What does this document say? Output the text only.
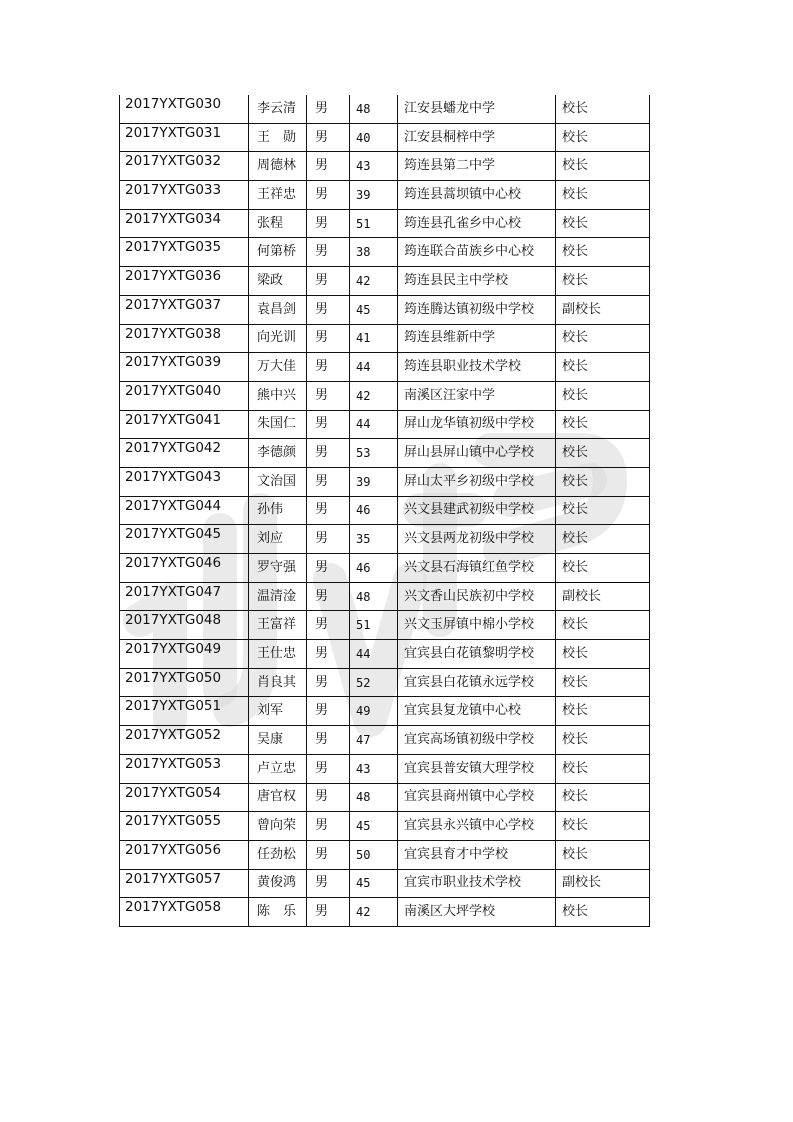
2017YXTG030	李云清	男	48	江安县蟠龙中学	校长
2017YXTG031	王　勋	男	40	江安县桐梓中学	校长
2017YXTG032	周德林	男	43	筠连县第二中学	校长
2017YXTG033	王祥忠	男	39	筠连县蒿坝镇中心校	校长
2017YXTG034	张程	男	51	筠连县孔雀乡中心校	校长
2017YXTG035	何第桥	男	38	筠连联合苗族乡中心校	校长
2017YXTG036	梁政	男	42	筠连县民主中学校	校长
2017YXTG037	袁昌剑	男	45	筠连腾达镇初级中学校	副校长
2017YXTG038	向光训	男	41	筠连县维新中学	校长
2017YXTG039	万大佳	男	44	筠连县职业技术学校	校长
2017YXTG040	熊中兴	男	42	南溪区汪家中学	校长
2017YXTG041	朱国仁	男	44	屏山龙华镇初级中学校	校长
2017YXTG042	李德颜	男	53	屏山县屏山镇中心学校	校长
2017YXTG043	文治国	男	39	屏山太平乡初级中学校	校长
2017YXTG044	孙伟	男	46	兴文县建武初级中学校	校长
2017YXTG045	刘应	男	35	兴文县两龙初级中学校	校长
2017YXTG046	罗守强	男	46	兴文县石海镇红鱼学校	校长
2017YXTG047	温清淦	男	48	兴文香山民族初中学校	副校长
2017YXTG048	王富祥	男	51	兴文玉屏镇中棉小学校	校长
2017YXTG049	王仕忠	男	44	宜宾县白花镇黎明学校	校长
2017YXTG050	肖良其	男	52	宜宾县白花镇永远学校	校长
2017YXTG051	刘军	男	49	宜宾县复龙镇中心校	校长
2017YXTG052	吴康	男	47	宜宾高场镇初级中学校	校长
2017YXTG053	卢立忠	男	43	宜宾县普安镇大理学校	校长
2017YXTG054	唐官权	男	48	宜宾县商州镇中心学校	校长
2017YXTG055	曾向荣	男	45	宜宾县永兴镇中心学校	校长
2017YXTG056	任劲松	男	50	宜宾县育才中学校	校长
2017YXTG057	黄俊鸿	男	45	宜宾市职业技术学校	副校长
2017YXTG058	陈　乐	男	42	南溪区大坪学校	校长
